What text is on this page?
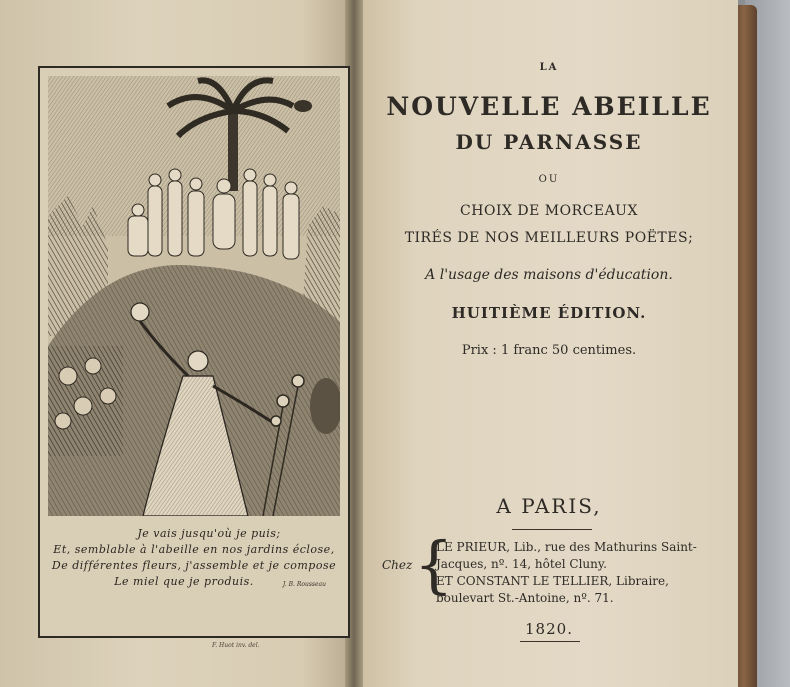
Je vais jusqu'où je puis;
Et, semblable à l'abeille en nos jardins éclose,
De différentes fleurs, j'assemble et je compose
Le miel que je produis.	J. B. Rousseau
F. Huot inv. del.
LA
NOUVELLE ABEILLE
DU PARNASSE
OU
CHOIX DE MORCEAUX
TIRÉS DE NOS MEILLEURS POËTES;
A l'usage des maisons d'éducation.
HUITIÈME ÉDITION.
Prix : 1 franc 50 centimes.
A PARIS,
Chez {
LE PRIEUR, Lib., rue des Mathurins Saint-
Jacques, nº. 14, hôtel Cluny.
ET CONSTANT LE TELLIER, Libraire,
boulevart St.-Antoine, nº. 71.
1820.
